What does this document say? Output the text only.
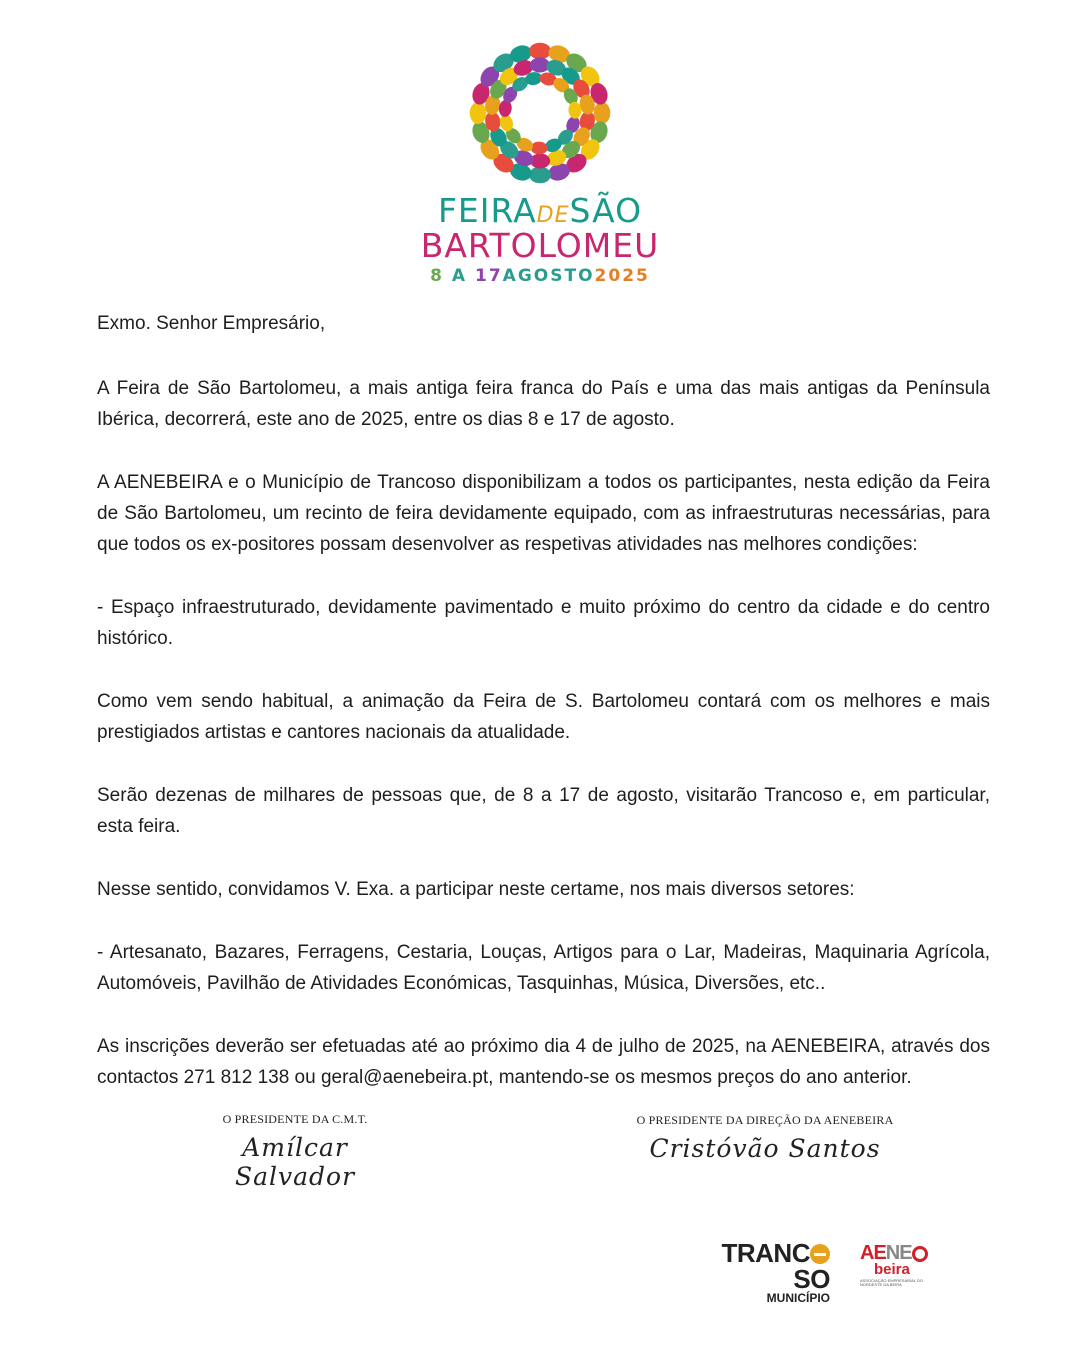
FEIRADESÃO
BARTOLOMEU
8 A 17AGOSTO2025

Exmo. Senhor Empresário,

A Feira de São Bartolomeu, a mais antiga feira franca do País e uma das mais antigas da Península Ibérica, decorrerá, este ano de 2025, entre os dias 8 e 17 de agosto.

A AENEBEIRA e o Município de Trancoso disponibilizam a todos os participantes, nesta edição da Feira de São Bartolomeu, um recinto de feira devidamente equipado, com as infraestruturas necessárias, para que todos os ex-positores possam desenvolver as respetivas atividades nas melhores condições:

- Espaço infraestruturado, devidamente pavimentado e muito próximo do centro da cidade e do centro histórico.

Como vem sendo habitual, a animação da Feira de S. Bartolomeu contará com os melhores e mais prestigiados artistas e cantores nacionais da atualidade.

Serão dezenas de milhares de pessoas que, de 8 a 17 de agosto, visitarão Trancoso e, em particular, esta feira.

Nesse sentido, convidamos V. Exa. a participar neste certame, nos mais diversos setores:

- Artesanato, Bazares, Ferragens, Cestaria, Louças, Artigos para o Lar, Madeiras, Maquinaria Agrícola, Automóveis, Pavilhão de Atividades Económicas, Tasquinhas, Música, Diversões, etc..

As inscrições deverão ser efetuadas até ao próximo dia 4 de julho de 2025, na AENEBEIRA, através dos contactos 271 812 138 ou geral@aenebeira.pt, mantendo-se os mesmos preços do ano anterior.

O PRESIDENTE DA C.M.T.
Amílcar Salvador
O PRESIDENTE DA DIREÇÃO DA AENEBEIRA
Cristóvão Santos
TRANCSO
MUNICÍPIO
AENE
beira
ASSOCIAÇÃO EMPRESARIAL DO NORDESTE DA BEIRA
